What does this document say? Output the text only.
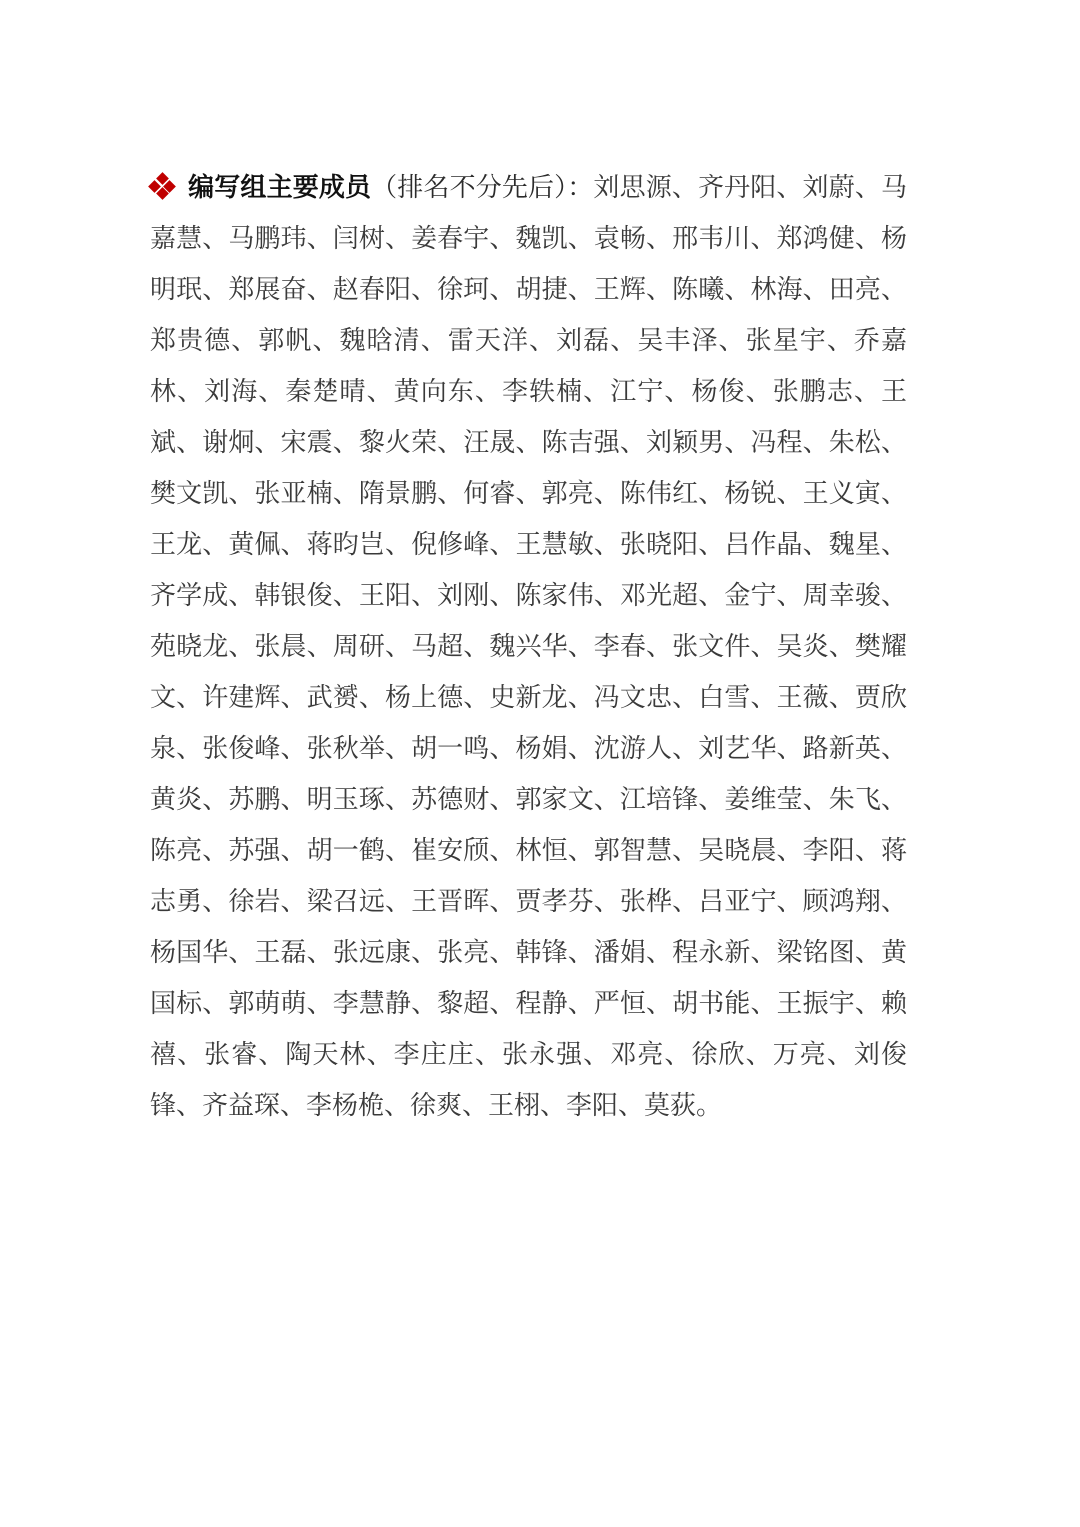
编写组主要成员（排名不分先后）：刘思源、齐丹阳、刘蔚、马嘉慧、马鹏玮、闫树、姜春宇、魏凯、袁畅、邢韦川、郑鸿健、杨明珉、郑展奋、赵春阳、徐珂、胡捷、王辉、陈曦、林海、田亮、郑贵德、郭帆、魏晗清、雷天洋、刘磊、吴丰泽、张星宇、乔嘉林、刘海、秦楚晴、黄向东、李轶楠、江宁、杨俊、张鹏志、王斌、谢炯、宋震、黎火荣、汪晟、陈吉强、刘颖男、冯程、朱松、樊文凯、张亚楠、隋景鹏、何睿、郭亮、陈伟红、杨锐、王义寅、王龙、黄佩、蒋昀岂、倪修峰、王慧敏、张晓阳、吕作晶、魏星、齐学成、韩银俊、王阳、刘刚、陈家伟、邓光超、金宁、周幸骏、苑晓龙、张晨、周研、马超、魏兴华、李春、张文件、吴炎、樊耀文、许建辉、武赟、杨上德、史新龙、冯文忠、白雪、王薇、贾欣泉、张俊峰、张秋举、胡一鸣、杨娟、沈游人、刘艺华、路新英、黄炎、苏鹏、明玉琢、苏德财、郭家文、江培锋、姜维莹、朱飞、陈亮、苏强、胡一鹤、崔安颀、林恒、郭智慧、吴晓晨、李阳、蒋志勇、徐岩、梁召远、王晋晖、贾孝芬、张桦、吕亚宁、顾鸿翔、杨国华、王磊、张远康、张亮、韩锋、潘娟、程永新、梁铭图、黄国标、郭萌萌、李慧静、黎超、程静、严恒、胡书能、王振宇、赖禧、张睿、陶天林、李庄庄、张永强、邓亮、徐欣、万亮、刘俊锋、齐益琛、李杨桅、徐爽、王栩、李阳、莫荻。
